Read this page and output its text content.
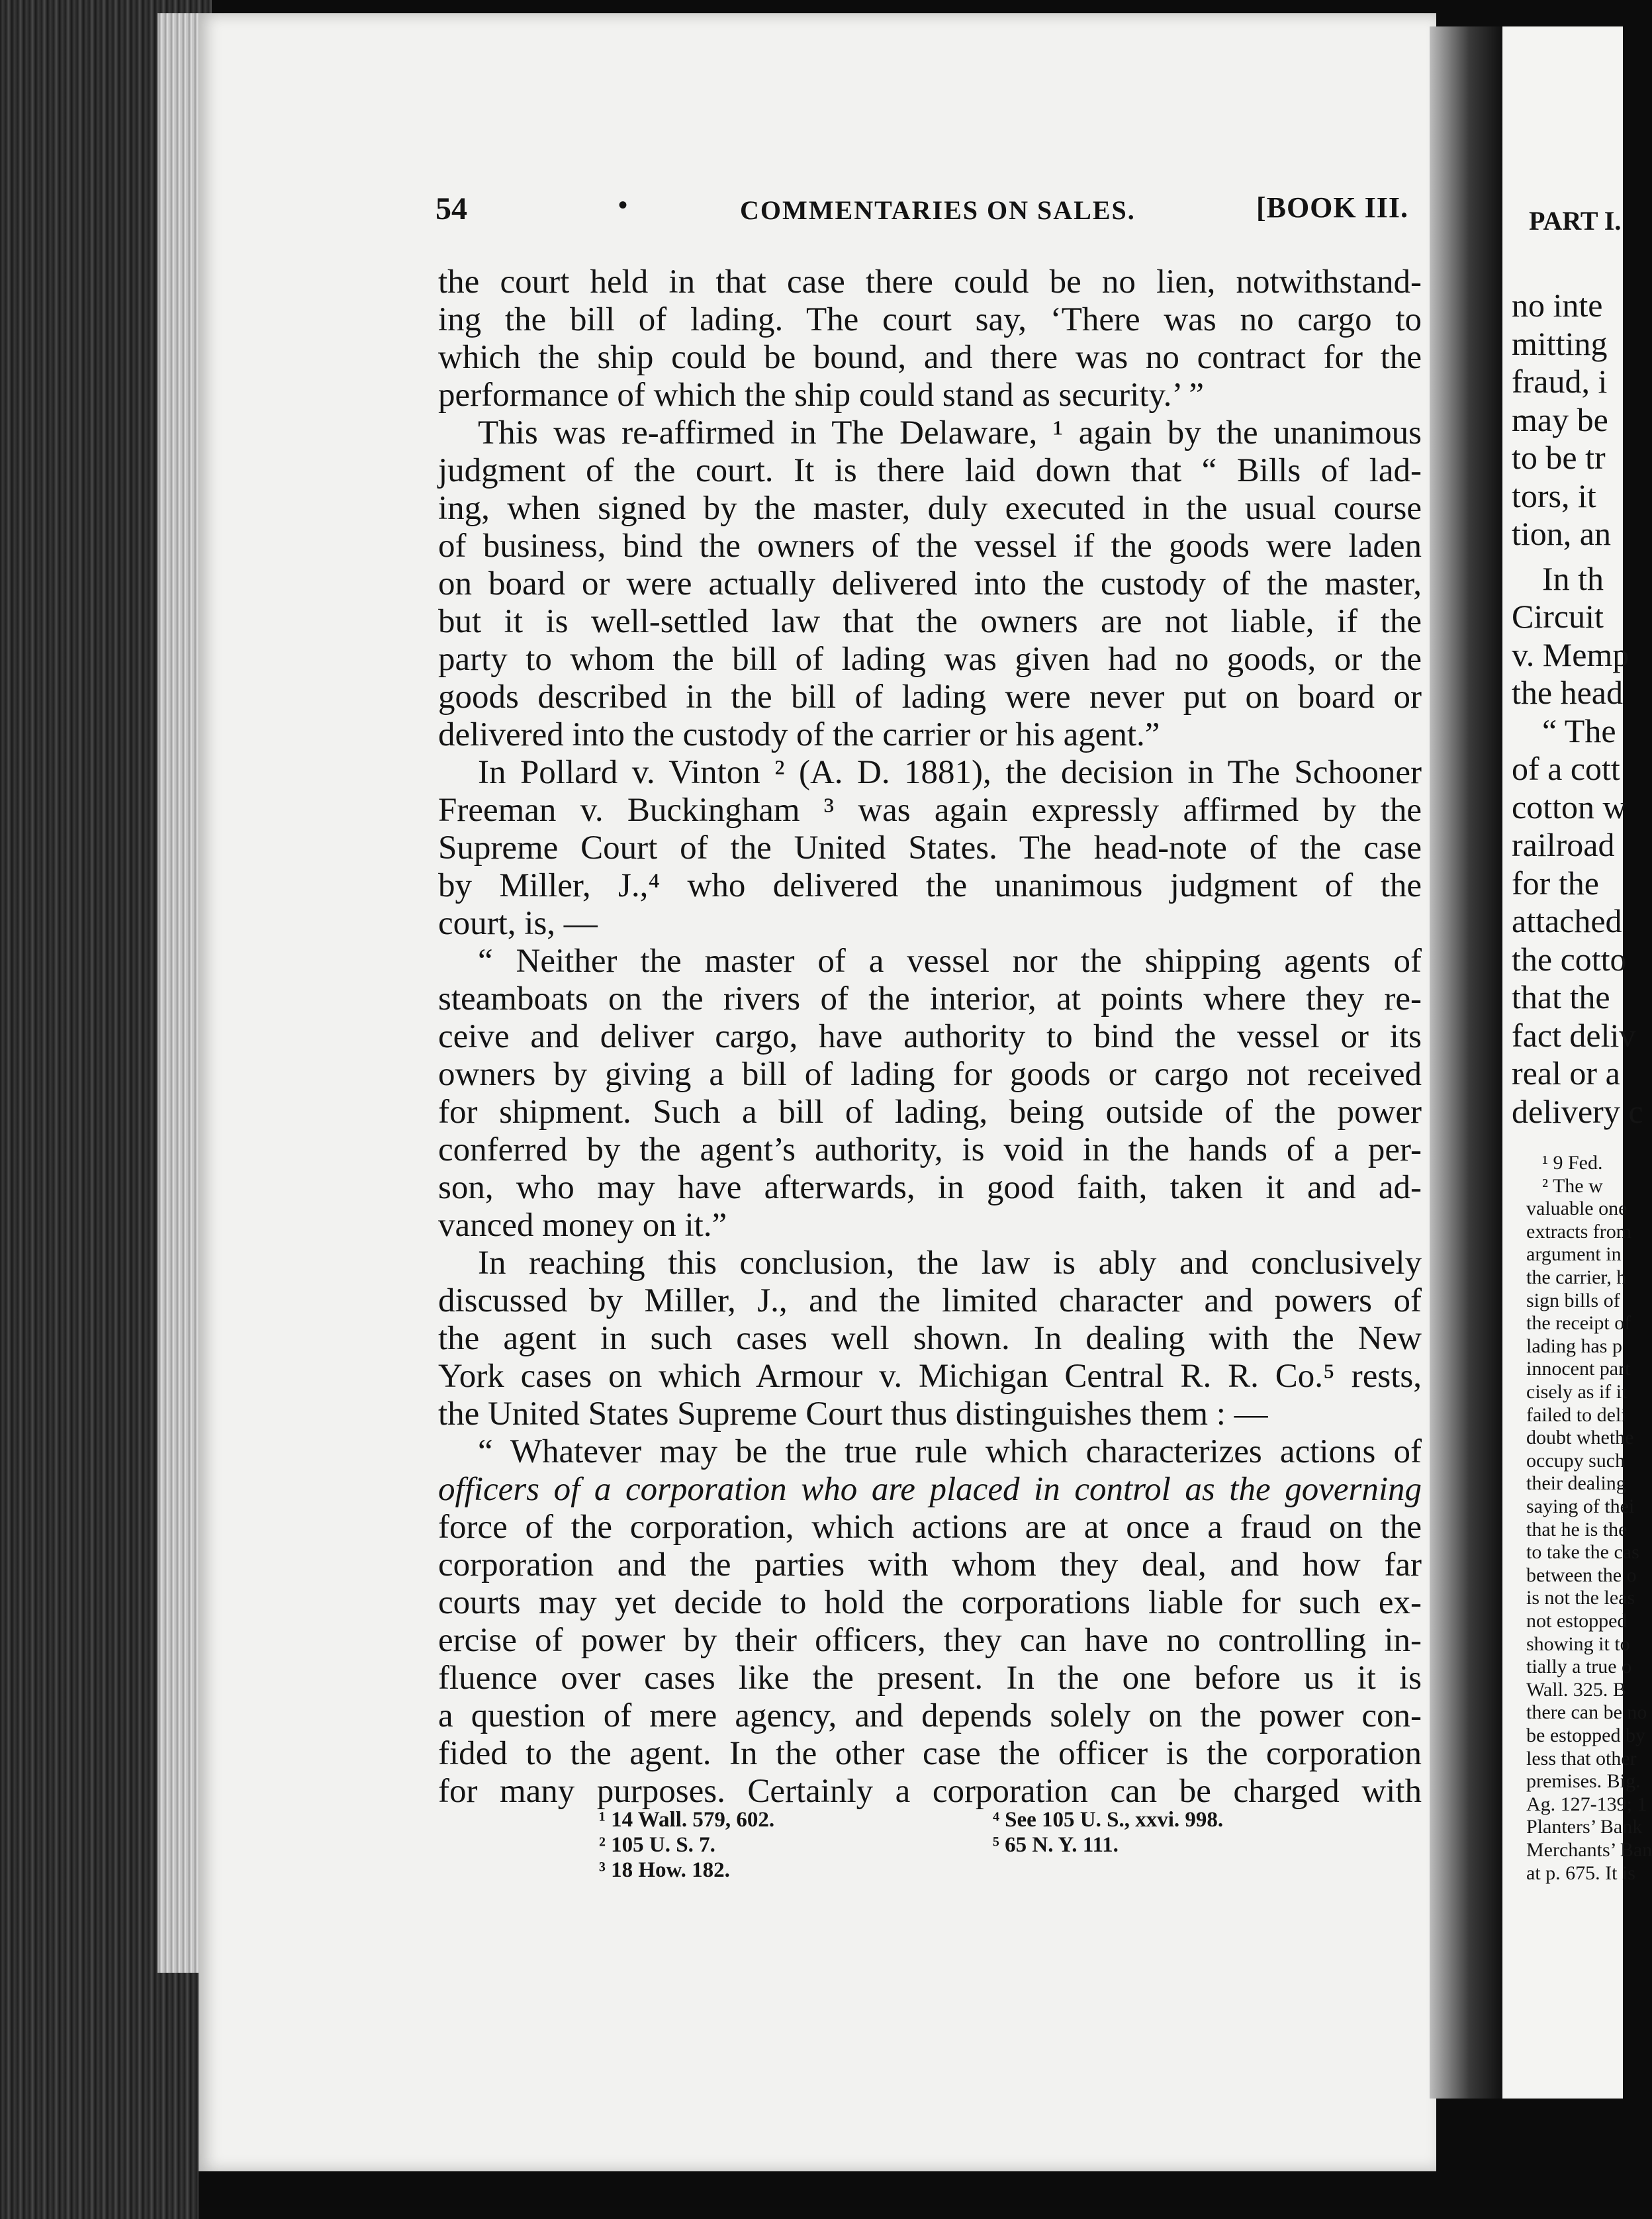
PART I.
no inte
mitting
fraud, i
may be
to be tr
tors, it
tion, an
In th
Circuit
v. Memp
the head
“ The
of a cott
cotton w
railroad
for the
attached
the cotto
that the
fact deliv
real or a
delivery c
¹ 9 Fed.
² The w
valuable one
extracts from
argument in
the carrier, h
sign bills of
the receipt of
lading has p
innocent part
cisely as if it
failed to deli
doubt whethe
occupy such
their dealing
saying of thei
that he is the
to take the cas
between the o
is not the leas
not estopped
showing it to
tially a true o
Wall. 325. B
there can be no
be estopped by
less that other
premises. Big.
Ag. 127-139; 1
Planters’ Bank
Merchants’ Ban
at p. 675. It is
54	•	COMMENTARIES ON SALES.	[BOOK III.
the court held in that case there could be no lien, notwithstand-
ing the bill of lading. The court say, ‘There was no cargo to
which the ship could be bound, and there was no contract for the
performance of which the ship could stand as security.’ ”
This was re-affirmed in The Delaware, ¹ again by the unanimous
judgment of the court. It is there laid down that “ Bills of lad-
ing, when signed by the master, duly executed in the usual course
of business, bind the owners of the vessel if the goods were laden
on board or were actually delivered into the custody of the master,
but it is well-settled law that the owners are not liable, if the
party to whom the bill of lading was given had no goods, or the
goods described in the bill of lading were never put on board or
delivered into the custody of the carrier or his agent.”
In Pollard v. Vinton ² (A. D. 1881), the decision in The Schooner
Freeman v. Buckingham ³ was again expressly affirmed by the
Supreme Court of the United States. The head-note of the case
by Miller, J.,⁴ who delivered the unanimous judgment of the
court, is, —
“ Neither the master of a vessel nor the shipping agents of
steamboats on the rivers of the interior, at points where they re-
ceive and deliver cargo, have authority to bind the vessel or its
owners by giving a bill of lading for goods or cargo not received
for shipment. Such a bill of lading, being outside of the power
conferred by the agent’s authority, is void in the hands of a per-
son, who may have afterwards, in good faith, taken it and ad-
vanced money on it.”
In reaching this conclusion, the law is ably and conclusively
discussed by Miller, J., and the limited character and powers of
the agent in such cases well shown. In dealing with the New
York cases on which Armour v. Michigan Central R. R. Co.⁵ rests,
the United States Supreme Court thus distinguishes them : —
“ Whatever may be the true rule which characterizes actions of
officers of a corporation who are placed in control as the governing
force of the corporation, which actions are at once a fraud on the
corporation and the parties with whom they deal, and how far
courts may yet decide to hold the corporations liable for such ex-
ercise of power by their officers, they can have no controlling in-
fluence over cases like the present. In the one before us it is
a question of mere agency, and depends solely on the power con-
fided to the agent. In the other case the officer is the corporation
for many purposes. Certainly a corporation can be charged with
¹ 14 Wall. 579, 602.
² 105 U. S. 7.
³ 18 How. 182.
⁴ See 105 U. S., xxvi. 998.
⁵ 65 N. Y. 111.
